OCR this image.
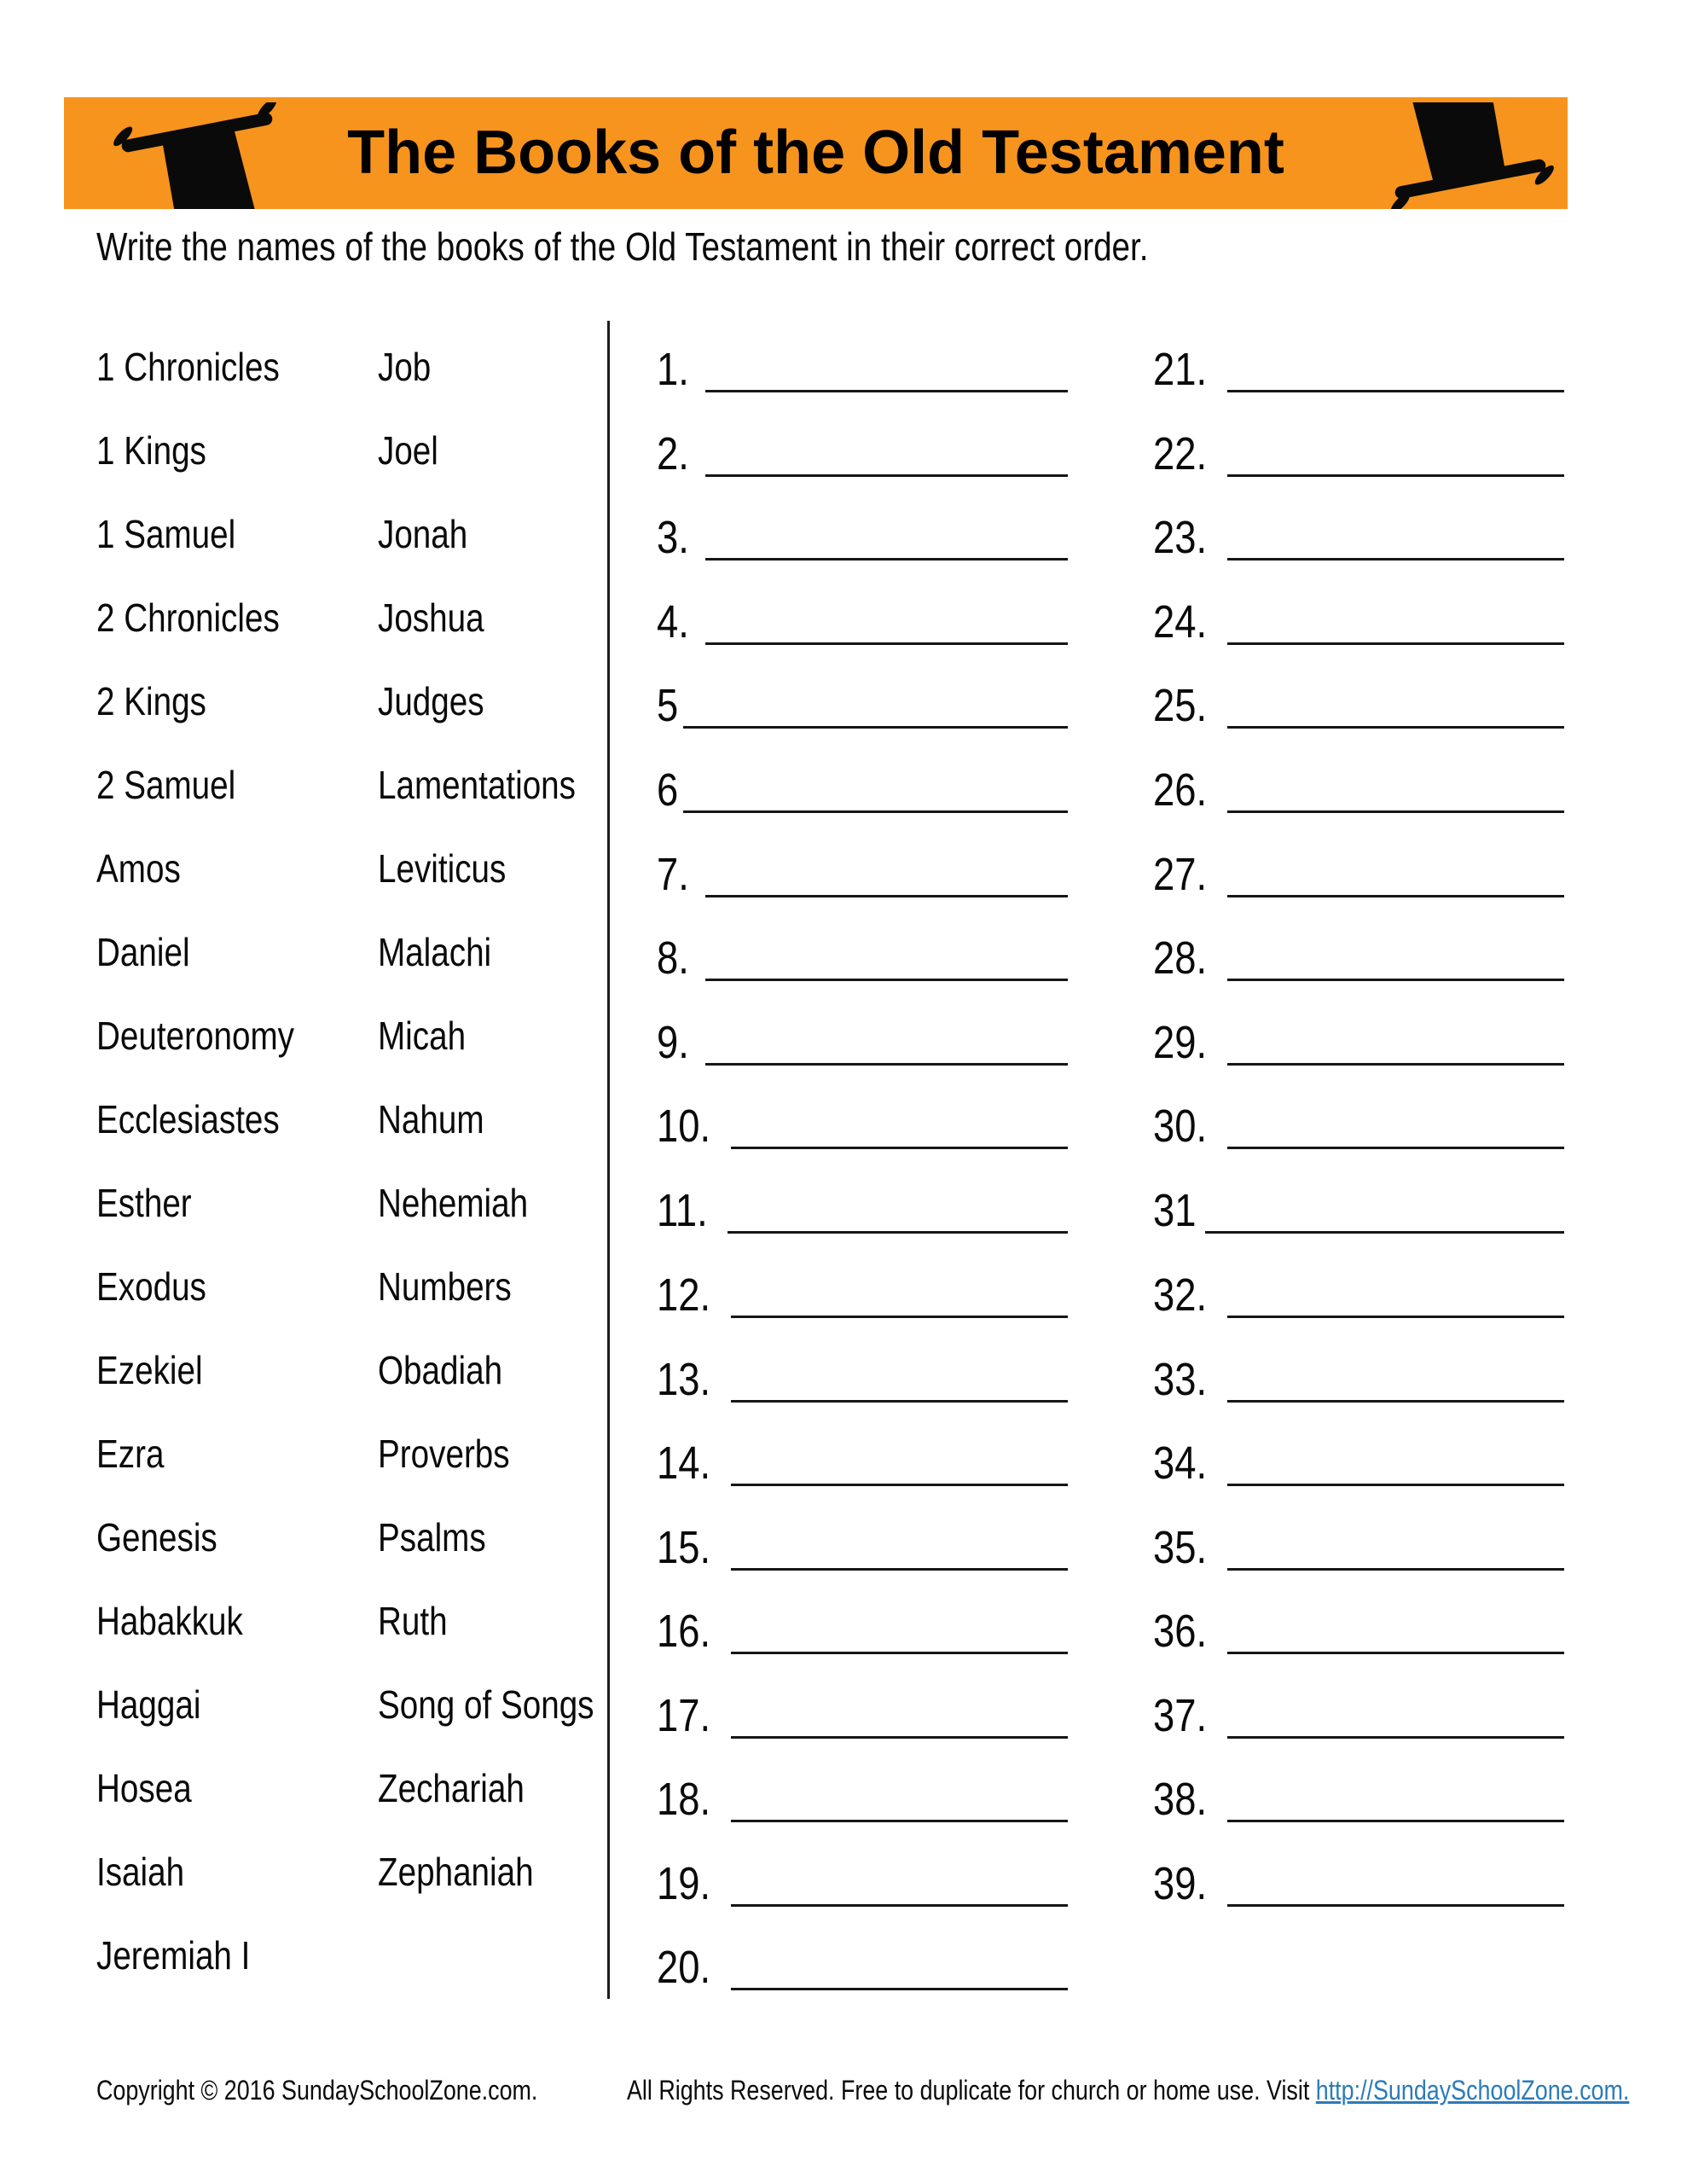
The Books of the Old Testament

Write the names of the books of the Old Testament in their correct order.

1 Chronicles
1 Kings
1 Samuel
2 Chronicles
2 Kings
2 Samuel
Amos
Daniel
Deuteronomy
Ecclesiastes
Esther
Exodus
Ezekiel
Ezra
Genesis
Habakkuk
Haggai
Hosea
Isaiah
Jeremiah I
Job
Joel
Jonah
Joshua
Judges
Lamentations
Leviticus
Malachi
Micah
Nahum
Nehemiah
Numbers
Obadiah
Proverbs
Psalms
Ruth
Song of Songs
Zechariah
Zephaniah
1.
2.
3.
4.
5
6
7.
8.
9.
10.
11.
12.
13.
14.
15.
16.
17.
18.
19.
20.
21.
22.
23.
24.
25.
26.
27.
28.
29.
30.
31
32.
33.
34.
35.
36.
37.
38.
39.

Copyright © 2016 SundaySchoolZone.com.	All Rights Reserved. Free to duplicate for church or home use. Visit http://SundaySchoolZone.com.
